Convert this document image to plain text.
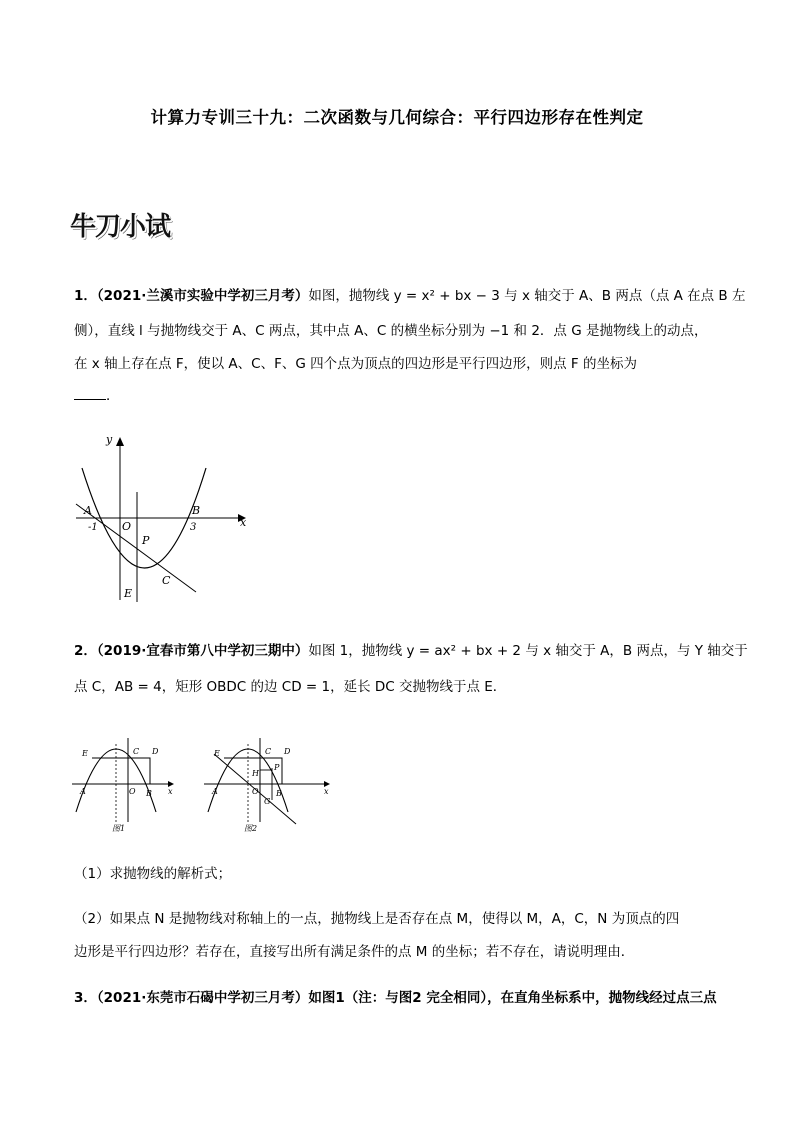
计算力专训三十九：二次函数与几何综合：平行四边形存在性判定
牛刀小试
1．（2021·兰溪市实验中学初三月考）如图，抛物线 y = x² + bx − 3 与 x 轴交于 A、B 两点（点 A 在点 B 左
侧），直线 l 与抛物线交于 A、C 两点，其中点 A、C 的横坐标分别为 −1 和 2．点 G 是抛物线上的动点，
在 x 轴上存在点 F，使以 A、C、F、G 四个点为顶点的四边形是平行四边形，则点 F 的坐标为
．
y
x
A	B
-1	3
O
P
C
E
2．（2019·宜春市第八中学初三期中）如图 1，抛物线 y = ax² + bx + 2 与 x 轴交于 A，B 两点，与 Y 轴交于
点 C，AB = 4，矩形 OBDC 的边 CD = 1，延长 DC 交抛物线于点 E．
E	C D
A	O B x
图1
E	C D
H
P
A	O B
G
x
图2
（1）求抛物线的解析式；
（2）如果点 N 是抛物线对称轴上的一点，抛物线上是否存在点 M，使得以 M，A，C，N 为顶点的四
边形是平行四边形？若存在，直接写出所有满足条件的点 M 的坐标；若不存在，请说明理由．
3．（2021·东莞市石碣中学初三月考）如图1（注：与图2 完全相同），在直角坐标系中，抛物线经过点三点
